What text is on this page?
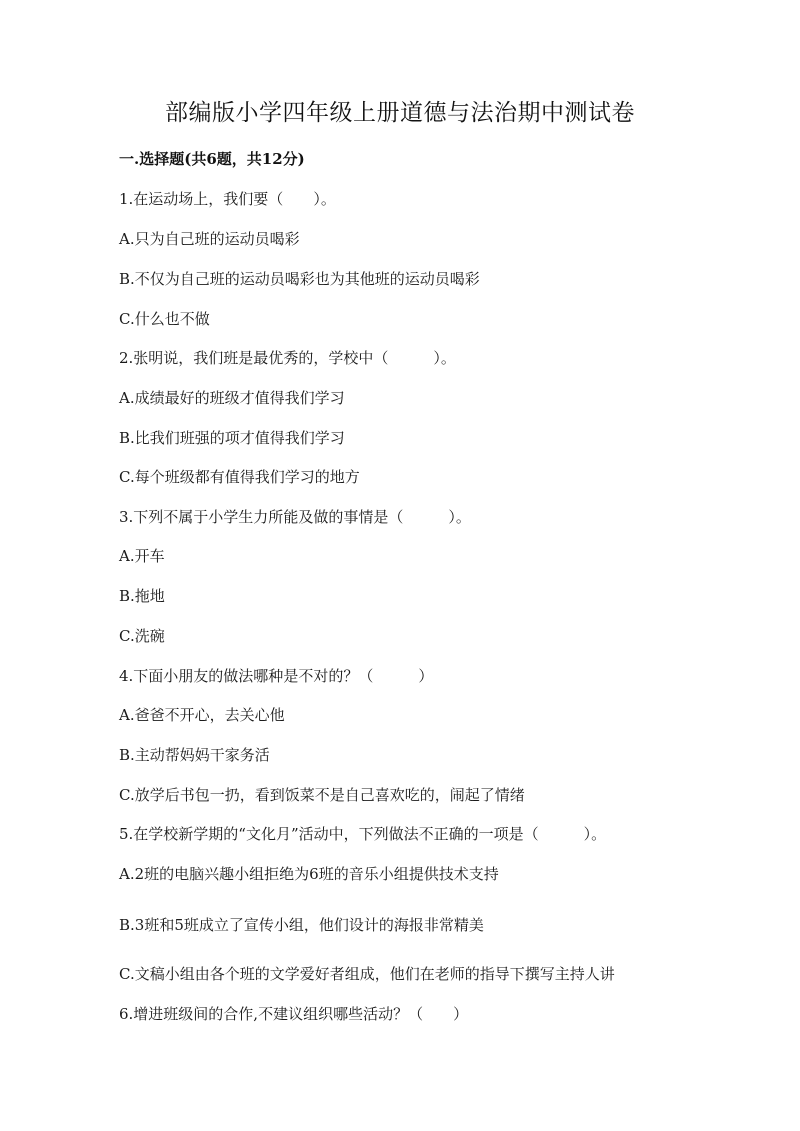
部编版小学四年级上册道德与法治期中测试卷
一.选择题(共6题，共12分)
1.在运动场上，我们要（　　）。
A.只为自己班的运动员喝彩
B.不仅为自己班的运动员喝彩也为其他班的运动员喝彩
C.什么也不做
2.张明说，我们班是最优秀的，学校中（　　　）。
A.成绩最好的班级才值得我们学习
B.比我们班强的项才值得我们学习
C.每个班级都有值得我们学习的地方
3.下列不属于小学生力所能及做的事情是（　　　）。
A.开车
B.拖地
C.洗碗
4.下面小朋友的做法哪种是不对的？（　　　）
A.爸爸不开心，去关心他
B.主动帮妈妈干家务活
C.放学后书包一扔，看到饭菜不是自己喜欢吃的，闹起了情绪
5.在学校新学期的“文化月”活动中，下列做法不正确的一项是（　　　）。
A.2班的电脑兴趣小组拒绝为6班的音乐小组提供技术支持
B.3班和5班成立了宣传小组，他们设计的海报非常精美
C.文稿小组由各个班的文学爱好者组成，他们在老师的指导下撰写主持人讲
6.增进班级间的合作,不建议组织哪些活动？（　　）
